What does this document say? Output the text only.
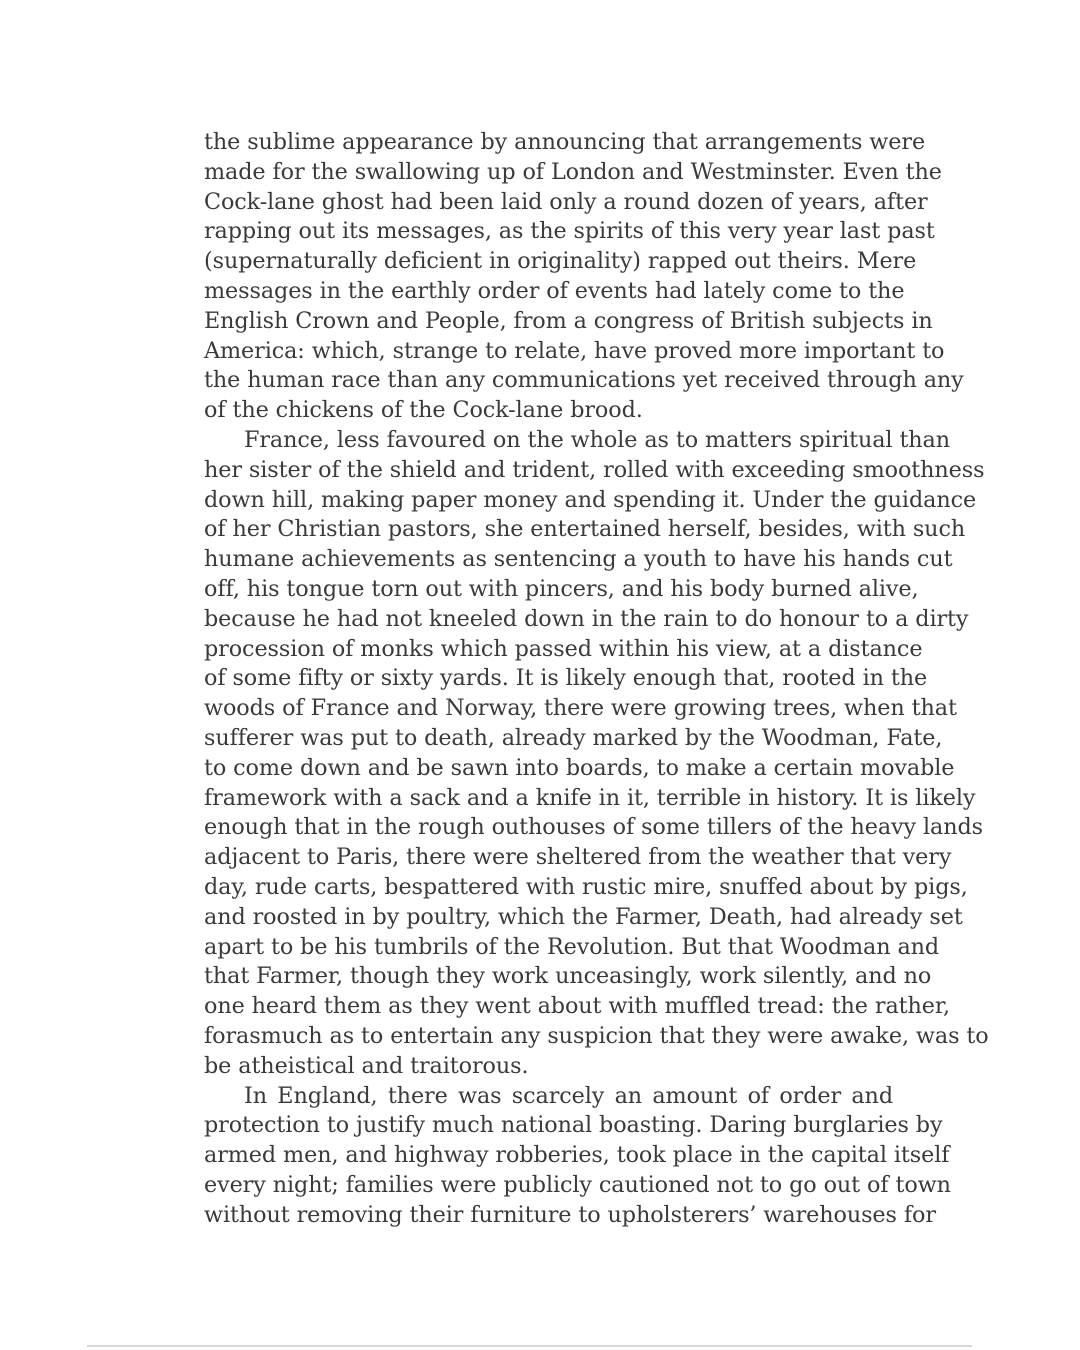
the sublime appearance by announcing that arrangements were
made for the swallowing up of London and Westminster. Even the
Cock-lane ghost had been laid only a round dozen of years, after
rapping out its messages, as the spirits of this very year last past
(supernaturally deficient in originality) rapped out theirs. Mere
messages in the earthly order of events had lately come to the
English Crown and People, from a congress of British subjects in
America: which, strange to relate, have proved more important to
the human race than any communications yet received through any
of the chickens of the Cock-lane brood.
France, less favoured on the whole as to matters spiritual than
her sister of the shield and trident, rolled with exceeding smoothness
down hill, making paper money and spending it. Under the guidance
of her Christian pastors, she entertained herself, besides, with such
humane achievements as sentencing a youth to have his hands cut
off, his tongue torn out with pincers, and his body burned alive,
because he had not kneeled down in the rain to do honour to a dirty
procession of monks which passed within his view, at a distance
of some fifty or sixty yards. It is likely enough that, rooted in the
woods of France and Norway, there were growing trees, when that
sufferer was put to death, already marked by the Woodman, Fate,
to come down and be sawn into boards, to make a certain movable
framework with a sack and a knife in it, terrible in history. It is likely
enough that in the rough outhouses of some tillers of the heavy lands
adjacent to Paris, there were sheltered from the weather that very
day, rude carts, bespattered with rustic mire, snuffed about by pigs,
and roosted in by poultry, which the Farmer, Death, had already set
apart to be his tumbrils of the Revolution. But that Woodman and
that Farmer, though they work unceasingly, work silently, and no
one heard them as they went about with muffled tread: the rather,
forasmuch as to entertain any suspicion that they were awake, was to
be atheistical and traitorous.
In England, there was scarcely an amount of order and
protection to justify much national boasting. Daring burglaries by
armed men, and highway robberies, took place in the capital itself
every night; families were publicly cautioned not to go out of town
without removing their furniture to upholsterers’ warehouses for
